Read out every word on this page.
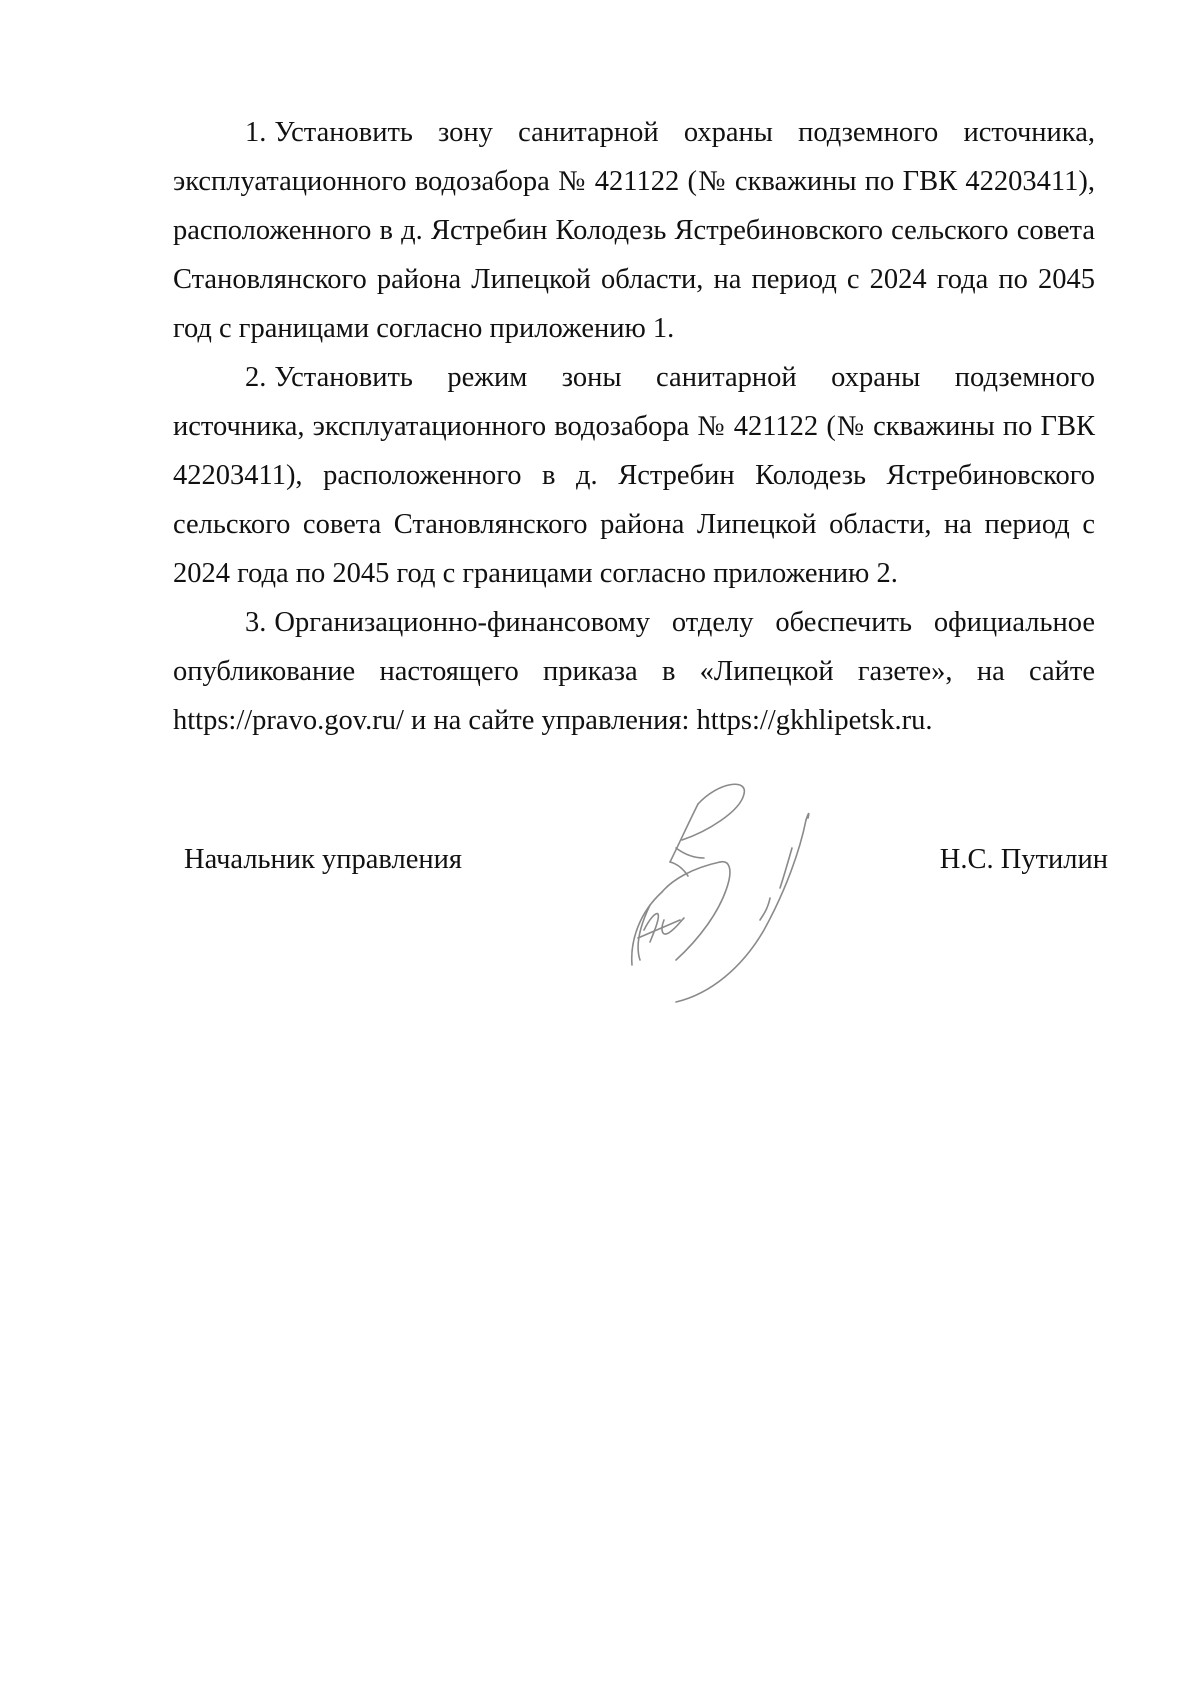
1. Установить зону санитарной охраны подземного источника, эксплуатационного водозабора № 421122 (№ скважины по ГВК 42203411), расположенного в д. Ястребин Колодезь Ястребиновского сельского совета Становлянского района Липецкой области, на период с 2024 года по 2045 год с границами согласно приложению 1.

2. Установить режим зоны санитарной охраны подземного источника, эксплуатационного водозабора № 421122 (№ скважины по ГВК 42203411), расположенного в д. Ястребин Колодезь Ястребиновского сельского совета Становлянского района Липецкой области, на период с 2024 года по 2045 год с границами согласно приложению 2.

3. Организационно-финансовому отделу обеспечить официальное опубликование настоящего приказа в «Липецкой газете», на сайте https://pravo.gov.ru/ и на сайте управления: https://gkhlipetsk.ru.

Начальник управления	Н.С. Путилин
